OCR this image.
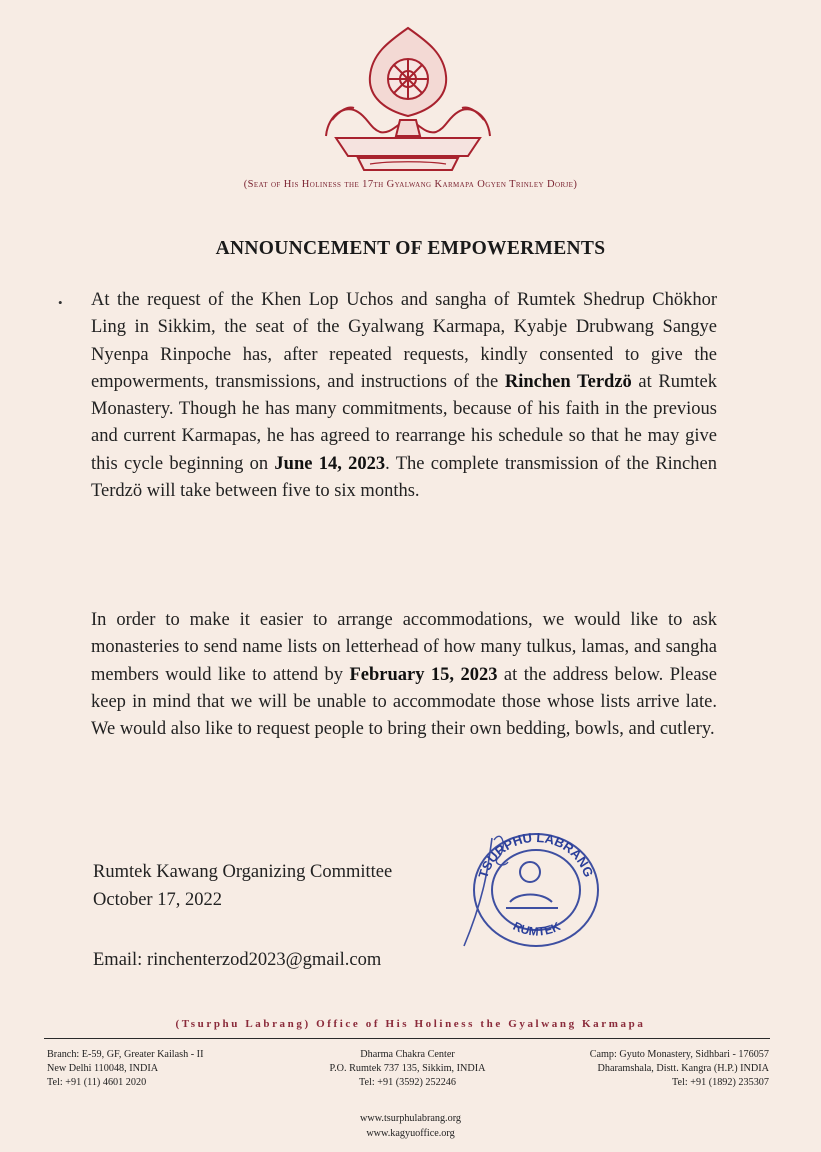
(Seat of His Holiness the 17th Gyalwang Karmapa Ogyen Trinley Dorje)
ANNOUNCEMENT OF EMPOWERMENTS
• At the request of the Khen Lop Uchos and sangha of Rumtek Shedrup Chökhor Ling in Sikkim, the seat of the Gyalwang Karmapa, Kyabje Drubwang Sangye Nyenpa Rinpoche has, after repeated requests, kindly consented to give the empowerments, transmissions, and instructions of the Rinchen Terdzö at Rumtek Monastery. Though he has many commitments, because of his faith in the previous and current Karmapas, he has agreed to rearrange his schedule so that he may give this cycle beginning on June 14, 2023. The complete transmission of the Rinchen Terdzö will take between five to six months.
In order to make it easier to arrange accommodations, we would like to ask monasteries to send name lists on letterhead of how many tulkus, lamas, and sangha members would like to attend by February 15, 2023 at the address below. Please keep in mind that we will be unable to accommodate those whose lists arrive late. We would also like to request people to bring their own bedding, bowls, and cutlery.
Rumtek Kawang Organizing Committee
October 17, 2022
Email: rinchenterzod2023@gmail.com
TSURPHU LABRANG
RUMTEK
(Tsurphu Labrang) Office of His Holiness the Gyalwang Karmapa
Branch: E-59, GF, Greater Kailash - II
New Delhi 110048, INDIA
Tel: +91 (11) 4601 2020
Dharma Chakra Center
P.O. Rumtek 737 135, Sikkim, INDIA
Tel: +91 (3592) 252246
Camp: Gyuto Monastery, Sidhbari - 176057
Dharamshala, Distt. Kangra (H.P.) INDIA
Tel: +91 (1892) 235307
www.tsurphulabrang.org
www.kagyuoffice.org
